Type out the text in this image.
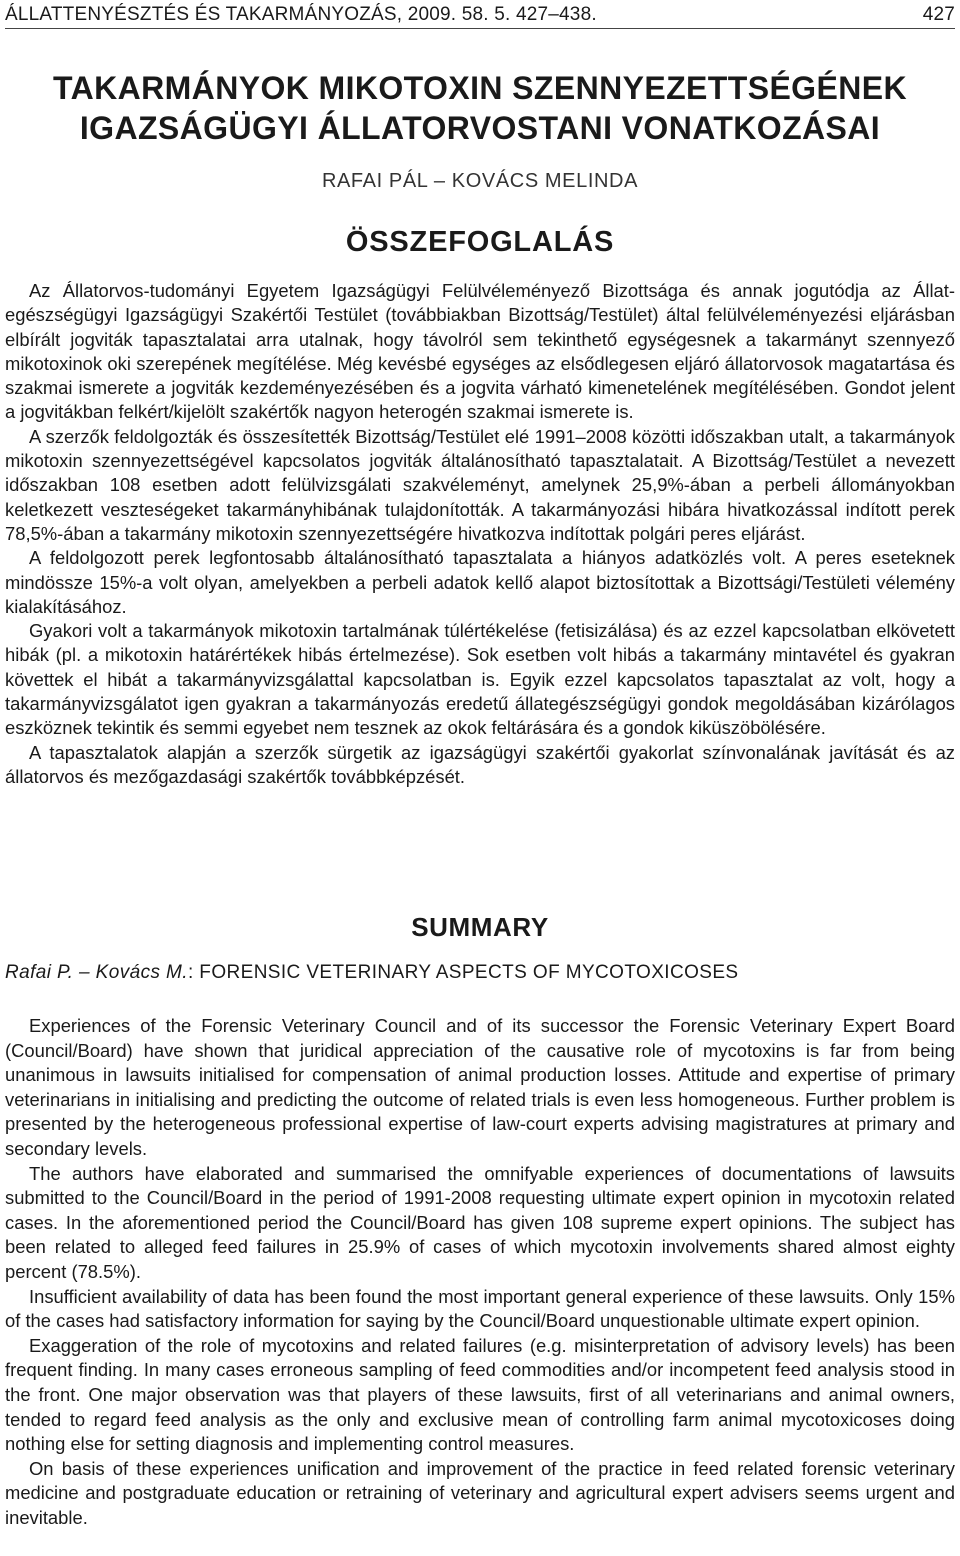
ÁLLATTENYÉSZTÉS ÉS TAKARMÁNYOZÁS, 2009. 58. 5. 427–438.	427
TAKARMÁNYOK MIKOTOXIN SZENNYEZETTSÉGÉNEK
IGAZSÁGÜGYI ÁLLATORVOSTANI VONATKOZÁSAI
RAFAI PÁL – KOVÁCS MELINDA
ÖSSZEFOGLALÁS

Az Állatorvos-tudományi Egyetem Igazságügyi Felülvéleményező Bizottsága és annak jogutódja az Állat-egészségügyi Igazságügyi Szakértői Testület (továbbiakban Bizottság/Testület) által felülvéleményezési eljárásban elbírált jogviták tapasztalatai arra utalnak, hogy távolról sem tekinthető egységesnek a takarmányt szennyező mikotoxinok oki szerepének megítélése. Még kevésbé egységes az elsődlegesen eljáró állatorvosok magatartása és szakmai ismerete a jogviták kezdeményezésében és a jogvita várható kimenetelének megítélésében. Gondot jelent a jogvitákban felkért/kijelölt szakértők nagyon heterogén szakmai ismerete is.

A szerzők feldolgozták és összesítették Bizottság/Testület elé 1991–2008 közötti időszakban utalt, a takarmányok mikotoxin szennyezettségével kapcsolatos jogviták általánosítható tapasztalatait. A Bizottság/Testület a nevezett időszakban 108 esetben adott felülvizsgálati szakvéleményt, amelynek 25,9%-ában a perbeli állományokban keletkezett veszteségeket takarmányhibának tulajdonították. A takarmányozási hibára hivatkozással indított perek 78,5%-ában a takarmány mikotoxin szennyezettségére hivatkozva indítottak polgári peres eljárást.

A feldolgozott perek legfontosabb általánosítható tapasztalata a hiányos adatközlés volt. A peres eseteknek mindössze 15%-a volt olyan, amelyekben a perbeli adatok kellő alapot biztosítottak a Bizottsági/Testületi vélemény kialakításához.

Gyakori volt a takarmányok mikotoxin tartalmának túlértékelése (fetisizálása) és az ezzel kapcsolatban elkövetett hibák (pl. a mikotoxin határértékek hibás értelmezése). Sok esetben volt hibás a takarmány mintavétel és gyakran követtek el hibát a takarmányvizsgálattal kapcsolatban is. Egyik ezzel kapcsolatos tapasztalat az volt, hogy a takarmányvizsgálatot igen gyakran a takarmányozás eredetű állategészségügyi gondok megoldásában kizárólagos eszköznek tekintik és semmi egyebet nem tesznek az okok feltárására és a gondok kiküszöbölésére.

A tapasztalatok alapján a szerzők sürgetik az igazságügyi szakértői gyakorlat színvonalának javítását és az állatorvos és mezőgazdasági szakértők továbbképzését.

SUMMARY
Rafai P. – Kovács M.: FORENSIC VETERINARY ASPECTS OF MYCOTOXICOSES

Experiences of the Forensic Veterinary Council and of its successor the Forensic Veterinary Expert Board (Council/Board) have shown that juridical appreciation of the causative role of mycotoxins is far from being unanimous in lawsuits initialised for compensation of animal production losses. Attitude and expertise of primary veterinarians in initialising and predicting the outcome of related trials is even less homogeneous. Further problem is presented by the heterogeneous professional expertise of law-court experts advising magistratures at primary and secondary levels.

The authors have elaborated and summarised the omnifyable experiences of documentations of lawsuits submitted to the Council/Board in the period of 1991-2008 requesting ultimate expert opinion in mycotoxin related cases. In the aforementioned period the Council/Board has given 108 supreme expert opinions. The subject has been related to alleged feed failures in 25.9% of cases of which mycotoxin involvements shared almost eighty percent (78.5%).

Insufficient availability of data has been found the most important general experience of these lawsuits. Only 15% of the cases had satisfactory information for saying by the Council/Board unquestionable ultimate expert opinion.

Exaggeration of the role of mycotoxins and related failures (e.g. misinterpretation of advisory levels) has been frequent finding. In many cases erroneous sampling of feed commodities and/or incompetent feed analysis stood in the front. One major observation was that players of these lawsuits, first of all veterinarians and animal owners, tended to regard feed analysis as the only and exclusive mean of controlling farm animal mycotoxicoses doing nothing else for setting diagnosis and implementing control measures.

On basis of these experiences unification and improvement of the practice in feed related forensic veterinary medicine and postgraduate education or retraining of veterinary and agricultural expert advisers seems urgent and inevitable.
